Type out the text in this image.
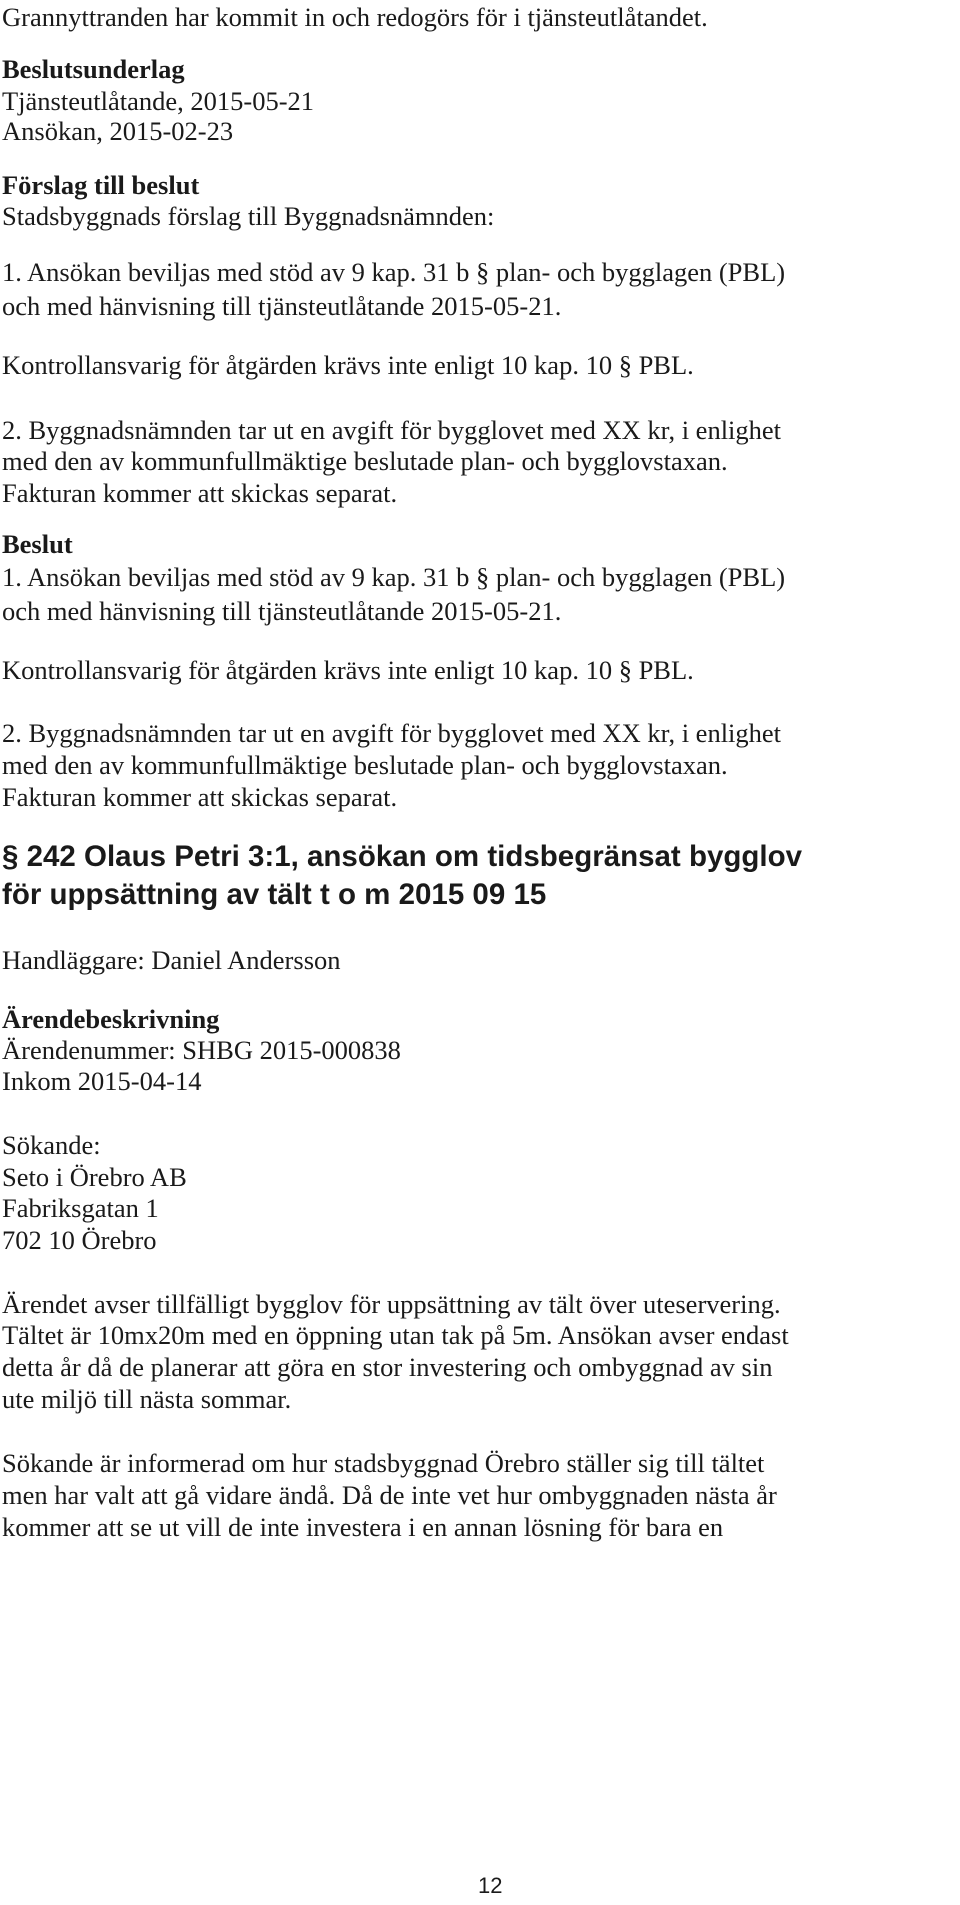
Grannyttranden har kommit in och redogörs för i tjänsteutlåtandet.
Beslutsunderlag
Tjänsteutlåtande, 2015-05-21
Ansökan, 2015-02-23
Förslag till beslut
Stadsbyggnads förslag till Byggnadsnämnden:
1. Ansökan beviljas med stöd av 9 kap. 31 b § plan- och bygglagen (PBL)
och med hänvisning till tjänsteutlåtande 2015-05-21.
Kontrollansvarig för åtgärden krävs inte enligt 10 kap. 10 § PBL.
2. Byggnadsnämnden tar ut en avgift för bygglovet med XX kr, i enlighet
med den av kommunfullmäktige beslutade plan- och bygglovstaxan.
Fakturan kommer att skickas separat.
Beslut
1. Ansökan beviljas med stöd av 9 kap. 31 b § plan- och bygglagen (PBL)
och med hänvisning till tjänsteutlåtande 2015-05-21.
Kontrollansvarig för åtgärden krävs inte enligt 10 kap. 10 § PBL.
2. Byggnadsnämnden tar ut en avgift för bygglovet med XX kr, i enlighet
med den av kommunfullmäktige beslutade plan- och bygglovstaxan.
Fakturan kommer att skickas separat.
§ 242 Olaus Petri 3:1, ansökan om tidsbegränsat bygglov
för uppsättning av tält t o m 2015 09 15
Handläggare: Daniel Andersson
Ärendebeskrivning
Ärendenummer: SHBG 2015-000838
Inkom 2015-04-14
Sökande:
Seto i Örebro AB
Fabriksgatan 1
702 10 Örebro
Ärendet avser tillfälligt bygglov för uppsättning av tält över uteservering.
Tältet är 10mx20m med en öppning utan tak på 5m. Ansökan avser endast
detta år då de planerar att göra en stor investering och ombyggnad av sin
ute miljö till nästa sommar.
Sökande är informerad om hur stadsbyggnad Örebro ställer sig till tältet
men har valt att gå vidare ändå. Då de inte vet hur ombyggnaden nästa år
kommer att se ut vill de inte investera i en annan lösning för bara en
12
